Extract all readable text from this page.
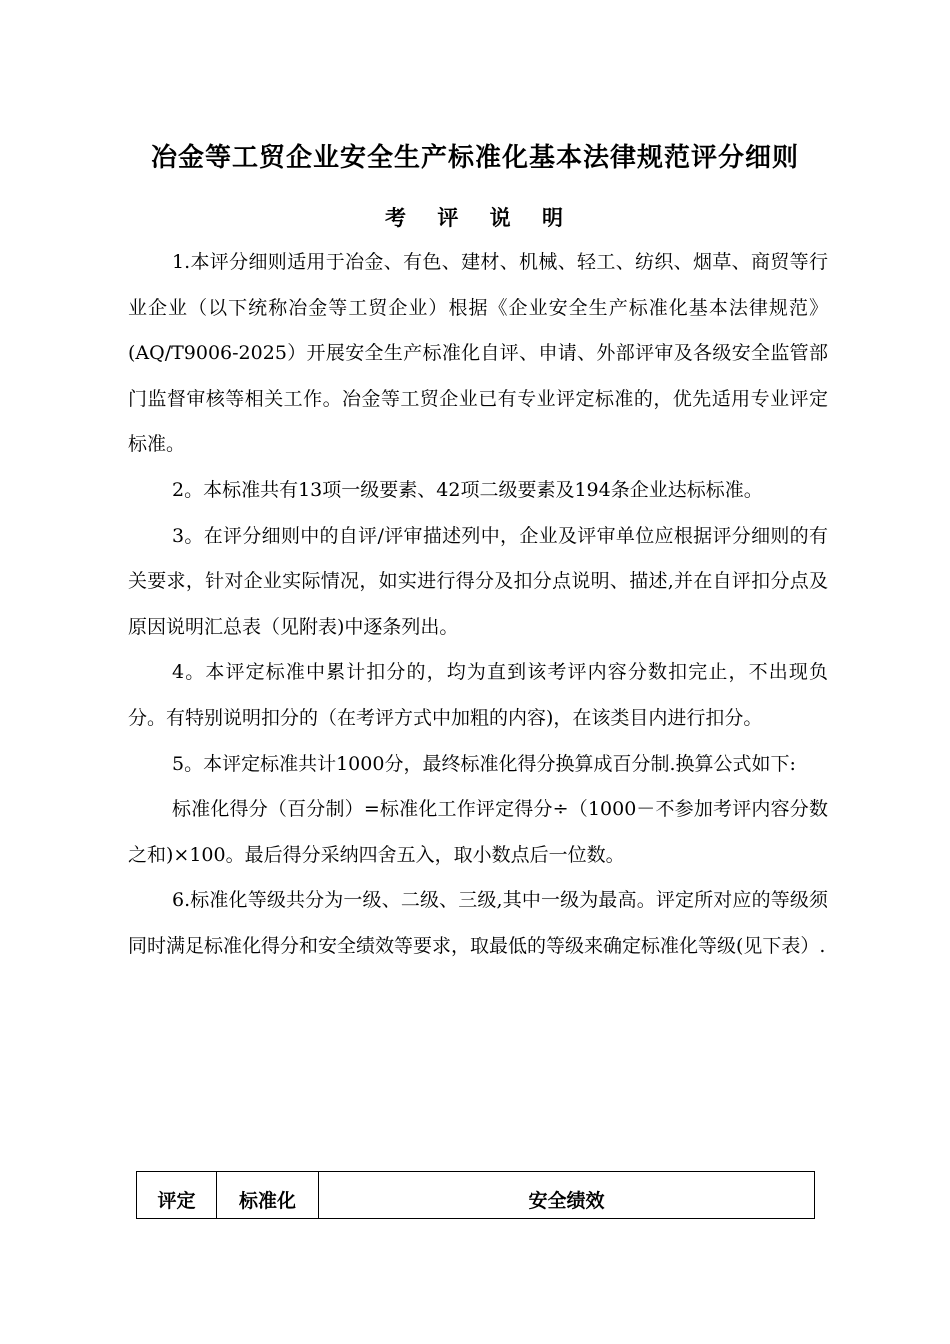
冶金等工贸企业安全生产标准化基本法律规范评分细则
考 评 说 明

1.本评分细则适用于冶金、有色、建材、机械、轻工、纺织、烟草、商贸等行业企业（以下统称冶金等工贸企业）根据《企业安全生产标准化基本法律规范》(AQ/T9006-2025）开展安全生产标准化自评、申请、外部评审及各级安全监管部门监督审核等相关工作。冶金等工贸企业已有专业评定标准的，优先适用专业评定标准。

2。本标准共有13项一级要素、42项二级要素及194条企业达标标准。

3。在评分细则中的自评/评审描述列中，企业及评审单位应根据评分细则的有关要求，针对企业实际情况，如实进行得分及扣分点说明、描述,并在自评扣分点及原因说明汇总表（见附表)中逐条列出。

4。本评定标准中累计扣分的，均为直到该考评内容分数扣完止，不出现负分。有特别说明扣分的（在考评方式中加粗的内容)，在该类目内进行扣分。

5。本评定标准共计1000分，最终标准化得分换算成百分制.换算公式如下:

标准化得分（百分制）=标准化工作评定得分÷（1000－不参加考评内容分数之和)×100。最后得分采纳四舍五入，取小数点后一位数。

6.标准化等级共分为一级、二级、三级,其中一级为最高。评定所对应的等级须同时满足标准化得分和安全绩效等要求，取最低的等级来确定标准化等级(见下表）.

评定	标准化	安全绩效
